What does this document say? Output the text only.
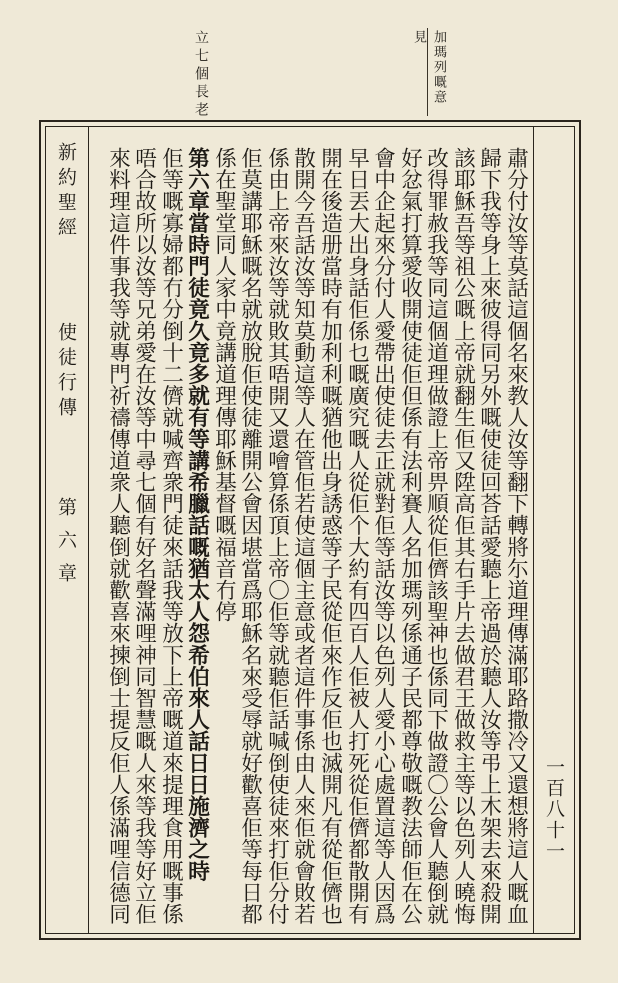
加瑪列嘅意
見
立七個長老
新約聖經
使徒行傳
第六章
一百八十一
肅分付汝等莫話這個名來教人汝等翻下轉將尓道理傳滿耶路撒冷又還想將這人嘅血
歸下我等身上來彼得同另外嘅使徒回荅話愛聽上帝過於聽人汝等弔上木架去來殺開
該耶穌吾等祖公嘅上帝就翻生佢又陞高佢其右手片去做君王做救主等以色列人曉悔
改得罪赦我等同這個道理做證上帝畀順從佢儕該聖神也係同下做證〇公會人聽倒就
好忿氣打算愛收開使徒佢但係有法利賽人名加瑪列係通子民都尊敬嘅教法師佢在公
會中企起來分付人愛帶出使徒去正就對佢等話汝等以色列人愛小心處置這等人因爲
早日丟大出身話佢係乜嘅廣究嘅人從佢个大約有四百人佢被人打死從佢儕都散開有
開在後造册當時有加利利嘅猶他出身誘惑等子民從佢來作反佢也滅開凡有從佢儕也
散開今吾話汝等知莫動這等人在管佢若使這個主意或者這件事係由人來佢就會敗若
係由上帝來汝等就敗其唔開又還噲算係頂上帝〇佢等就聽佢話喊倒使徒來打佢分付
佢莫講耶穌嘅名就放脫佢使徒離開公會因堪當爲耶穌名來受辱就好歡喜佢等每日都
係在聖堂同人家中竟講道理傳耶穌基督嘅福音冇停
第六章當時門徒竟久竟多就有等講希臘話嘅猶太人怨希伯來人話日日施濟之時
佢等嘅寡婦都冇分倒十二儕就喊齊衆門徒來話我等放下上帝嘅道來提理食用嘅事係
唔合故所以汝等兄弟愛在汝等中尋七個有好名聲滿哩神同智慧嘅人來等我等好立佢
來料理這件事我等就專門祈禱傳道衆人聽倒就歡喜來揀倒士提反佢人係滿哩信德同
